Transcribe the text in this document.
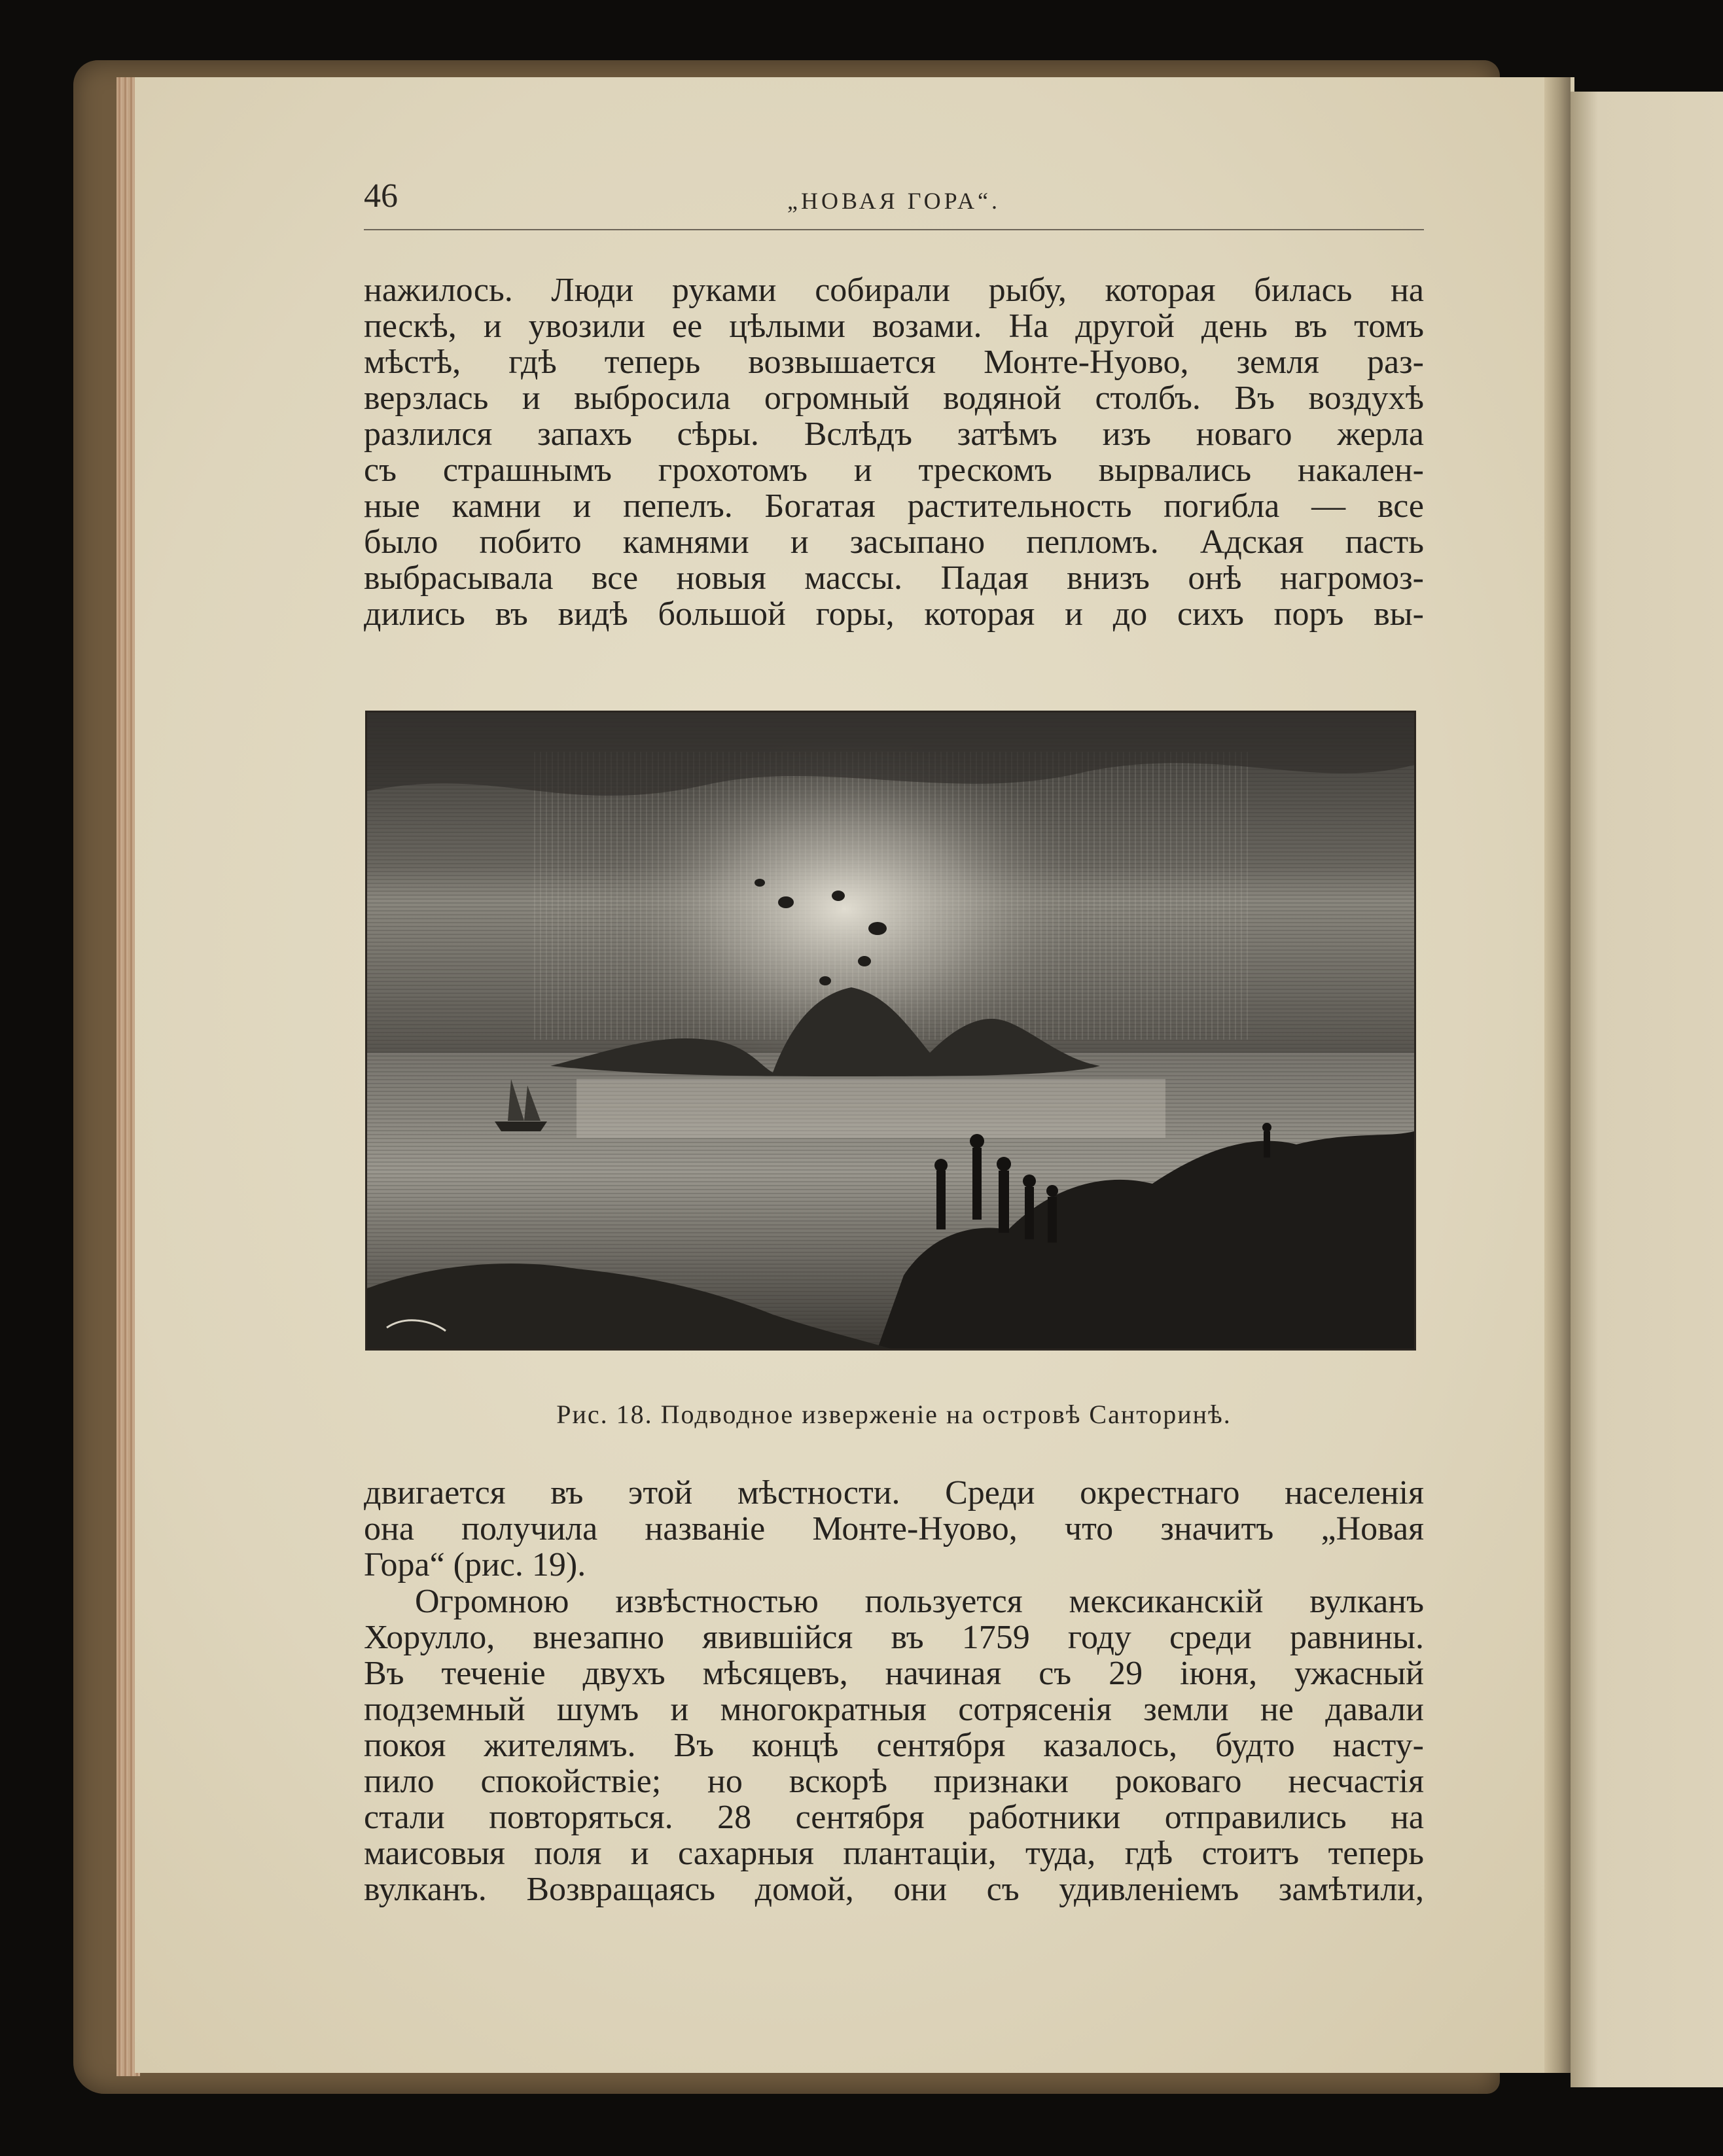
46	„НОВАЯ ГОРА“.
нажилось. Люди руками собирали рыбу, которая билась на
пескѣ, и увозили ее цѣлыми возами. На другой день въ томъ
мѣстѣ, гдѣ теперь возвышается Монте-Нуово, земля раз-
верзлась и выбросила огромный водяной столбъ. Въ воздухѣ
разлился запахъ сѣры. Вслѣдъ затѣмъ изъ новаго жерла
съ страшнымъ грохотомъ и трескомъ вырвались накален-
ные камни и пепелъ. Богатая растительность погибла — все
было побито камнями и засыпано пепломъ. Адская пасть
выбрасывала все новыя массы. Падая внизъ онѣ нагромоз-
дились въ видѣ большой горы, которая и до сихъ поръ вы-
Рис. 18. Подводное изверженіе на островѣ Санторинѣ.
двигается въ этой мѣстности. Среди окрестнаго населенія
она получила названіе Монте-Нуово, что значитъ „Новая
Гора“ (рис. 19).
Огромною извѣстностью пользуется мексиканскій вулканъ
Хорулло, внезапно явившійся въ 1759 году среди равнины.
Въ теченіе двухъ мѣсяцевъ, начиная съ 29 іюня, ужасный
подземный шумъ и многократныя сотрясенія земли не давали
покоя жителямъ. Въ концѣ сентября казалось, будто насту-
пило спокойствіе; но вскорѣ признаки роковаго несчастія
стали повторяться. 28 сентября работники отправились на
маисовыя поля и сахарныя плантаціи, туда, гдѣ стоитъ теперь
вулканъ. Возвращаясь домой, они съ удивленіемъ замѣтили,
